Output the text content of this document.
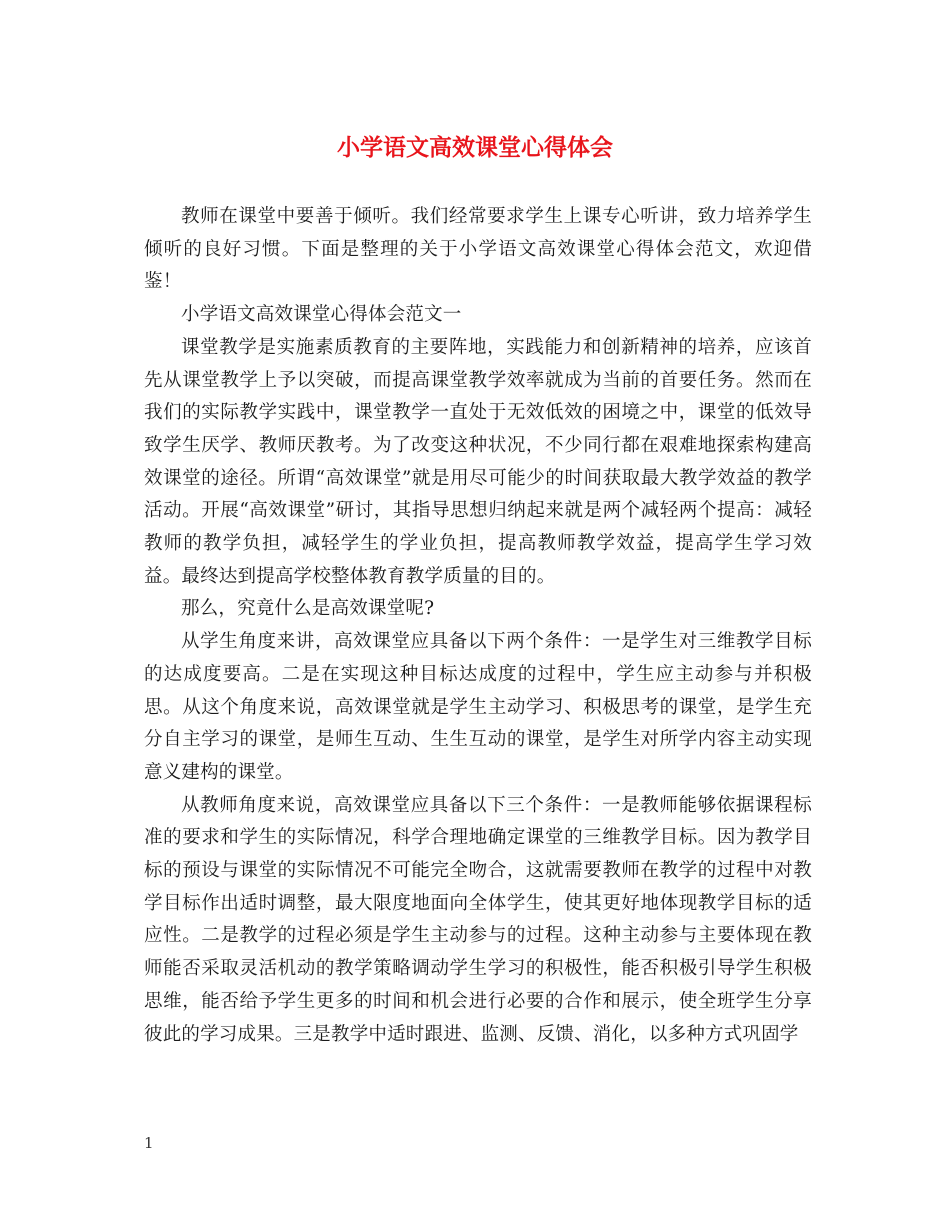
小学语文高效课堂心得体会

教师在课堂中要善于倾听。我们经常要求学生上课专心听讲，致力培养学生倾听的良好习惯。下面是整理的关于小学语文高效课堂心得体会范文，欢迎借鉴！

小学语文高效课堂心得体会范文一

课堂教学是实施素质教育的主要阵地，实践能力和创新精神的培养，应该首先从课堂教学上予以突破，而提高课堂教学效率就成为当前的首要任务。然而在我们的实际教学实践中，课堂教学一直处于无效低效的困境之中，课堂的低效导致学生厌学、教师厌教考。为了改变这种状况，不少同行都在艰难地探索构建高效课堂的途径。所谓“高效课堂”就是用尽可能少的时间获取最大教学效益的教学活动。开展“高效课堂”研讨，其指导思想归纳起来就是两个减轻两个提高：减轻教师的教学负担，减轻学生的学业负担，提高教师教学效益，提高学生学习效益。最终达到提高学校整体教育教学质量的目的。

那么，究竟什么是高效课堂呢?

从学生角度来讲，高效课堂应具备以下两个条件：一是学生对三维教学目标的达成度要高。二是在实现这种目标达成度的过程中，学生应主动参与并积极思。从这个角度来说，高效课堂就是学生主动学习、积极思考的课堂，是学生充分自主学习的课堂，是师生互动、生生互动的课堂，是学生对所学内容主动实现意义建构的课堂。

从教师角度来说，高效课堂应具备以下三个条件：一是教师能够依据课程标准的要求和学生的实际情况，科学合理地确定课堂的三维教学目标。因为教学目标的预设与课堂的实际情况不可能完全吻合，这就需要教师在教学的过程中对教学目标作出适时调整，最大限度地面向全体学生，使其更好地体现教学目标的适应性。二是教学的过程必须是学生主动参与的过程。这种主动参与主要体现在教师能否采取灵活机动的教学策略调动学生学习的积极性，能否积极引导学生积极思维，能否给予学生更多的时间和机会进行必要的合作和展示，使全班学生分享彼此的学习成果。三是教学中适时跟进、监测、反馈、消化，以多种方式巩固学

1
